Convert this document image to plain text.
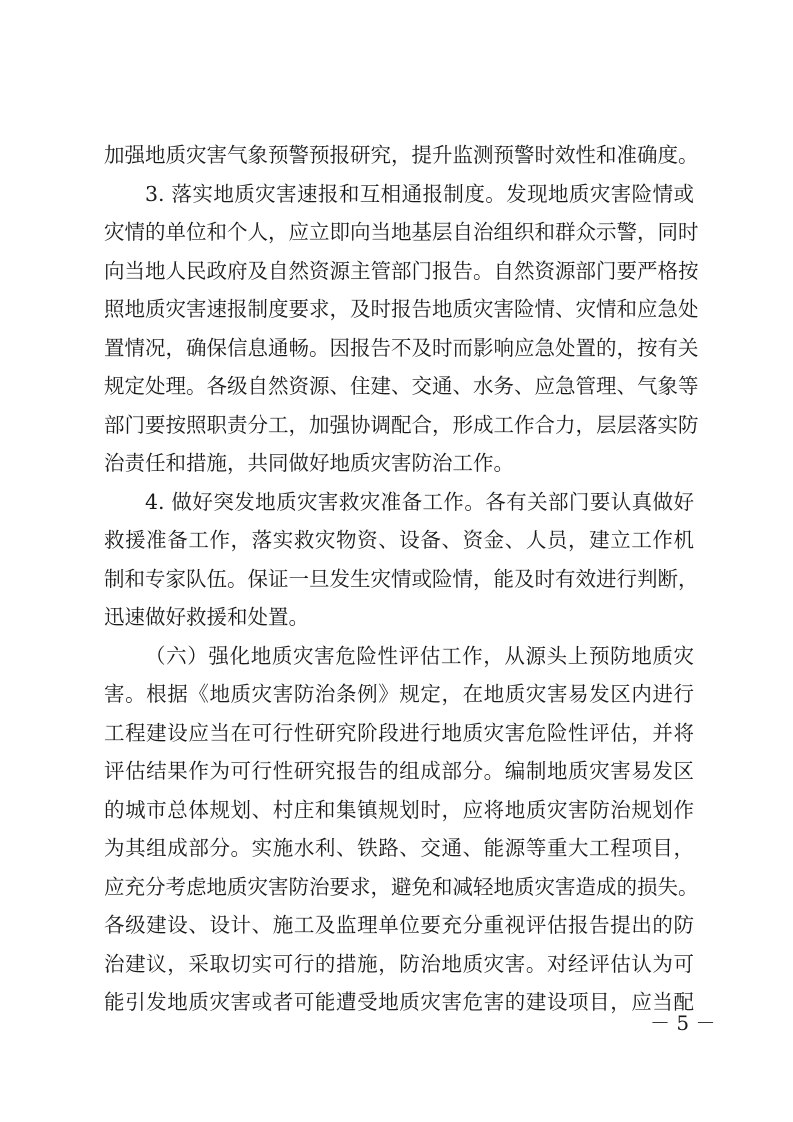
加强地质灾害气象预警预报研究，提升监测预警时效性和准确度。
3. 落实地质灾害速报和互相通报制度。发现地质灾害险情或
灾情的单位和个人，应立即向当地基层自治组织和群众示警，同时
向当地人民政府及自然资源主管部门报告。自然资源部门要严格按
照地质灾害速报制度要求，及时报告地质灾害险情、灾情和应急处
置情况，确保信息通畅。因报告不及时而影响应急处置的，按有关
规定处理。各级自然资源、住建、交通、水务、应急管理、气象等
部门要按照职责分工，加强协调配合，形成工作合力，层层落实防
治责任和措施，共同做好地质灾害防治工作。
4. 做好突发地质灾害救灾准备工作。各有关部门要认真做好
救援准备工作，落实救灾物资、设备、资金、人员，建立工作机
制和专家队伍。保证一旦发生灾情或险情，能及时有效进行判断，
迅速做好救援和处置。
（六）强化地质灾害危险性评估工作，从源头上预防地质灾
害。根据《地质灾害防治条例》规定，在地质灾害易发区内进行
工程建设应当在可行性研究阶段进行地质灾害危险性评估，并将
评估结果作为可行性研究报告的组成部分。编制地质灾害易发区
的城市总体规划、村庄和集镇规划时，应将地质灾害防治规划作
为其组成部分。实施水利、铁路、交通、能源等重大工程项目，
应充分考虑地质灾害防治要求，避免和减轻地质灾害造成的损失。
各级建设、设计、施工及监理单位要充分重视评估报告提出的防
治建议，采取切实可行的措施，防治地质灾害。对经评估认为可
能引发地质灾害或者可能遭受地质灾害危害的建设项目，应当配
－ 5 －
